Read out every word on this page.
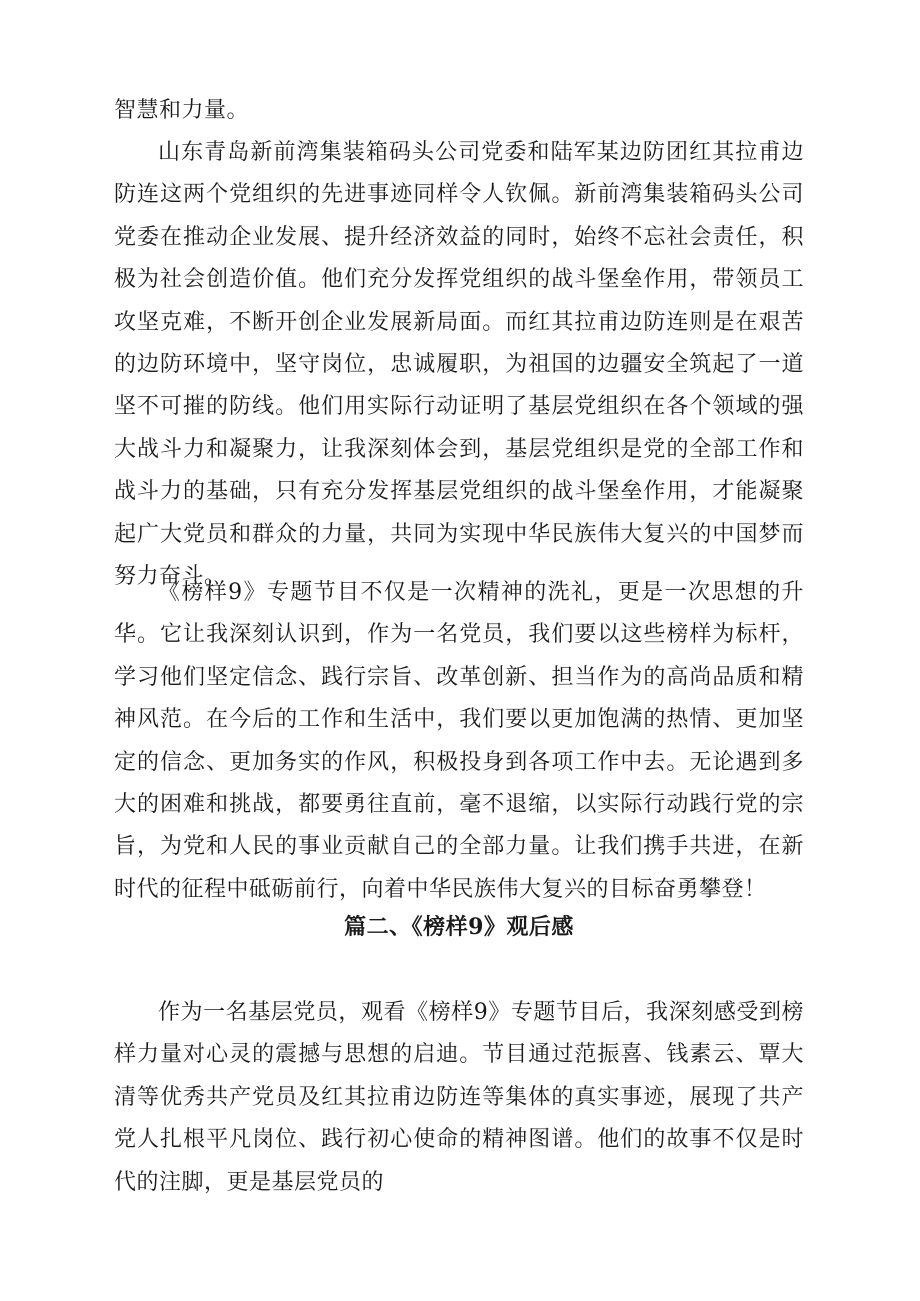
智慧和力量。

山东青岛新前湾集装箱码头公司党委和陆军某边防团红其拉甫边防连这两个党组织的先进事迹同样令人钦佩。新前湾集装箱码头公司党委在推动企业发展、提升经济效益的同时，始终不忘社会责任，积极为社会创造价值。他们充分发挥党组织的战斗堡垒作用，带领员工攻坚克难，不断开创企业发展新局面。而红其拉甫边防连则是在艰苦的边防环境中，坚守岗位，忠诚履职，为祖国的边疆安全筑起了一道坚不可摧的防线。他们用实际行动证明了基层党组织在各个领域的强大战斗力和凝聚力，让我深刻体会到，基层党组织是党的全部工作和战斗力的基础，只有充分发挥基层党组织的战斗堡垒作用，才能凝聚起广大党员和群众的力量，共同为实现中华民族伟大复兴的中国梦而努力奋斗。

《榜样9》专题节目不仅是一次精神的洗礼，更是一次思想的升华。它让我深刻认识到，作为一名党员，我们要以这些榜样为标杆，学习他们坚定信念、践行宗旨、改革创新、担当作为的高尚品质和精神风范。在今后的工作和生活中，我们要以更加饱满的热情、更加坚定的信念、更加务实的作风，积极投身到各项工作中去。无论遇到多大的困难和挑战，都要勇往直前，毫不退缩，以实际行动践行党的宗旨，为党和人民的事业贡献自己的全部力量。让我们携手共进，在新时代的征程中砥砺前行，向着中华民族伟大复兴的目标奋勇攀登！

篇二、《榜样9》观后感

作为一名基层党员，观看《榜样9》专题节目后，我深刻感受到榜样力量对心灵的震撼与思想的启迪。节目通过范振喜、钱素云、覃大清等优秀共产党员及红其拉甫边防连等集体的真实事迹，展现了共产党人扎根平凡岗位、践行初心使命的精神图谱。他们的故事不仅是时代的注脚，更是基层党员的
